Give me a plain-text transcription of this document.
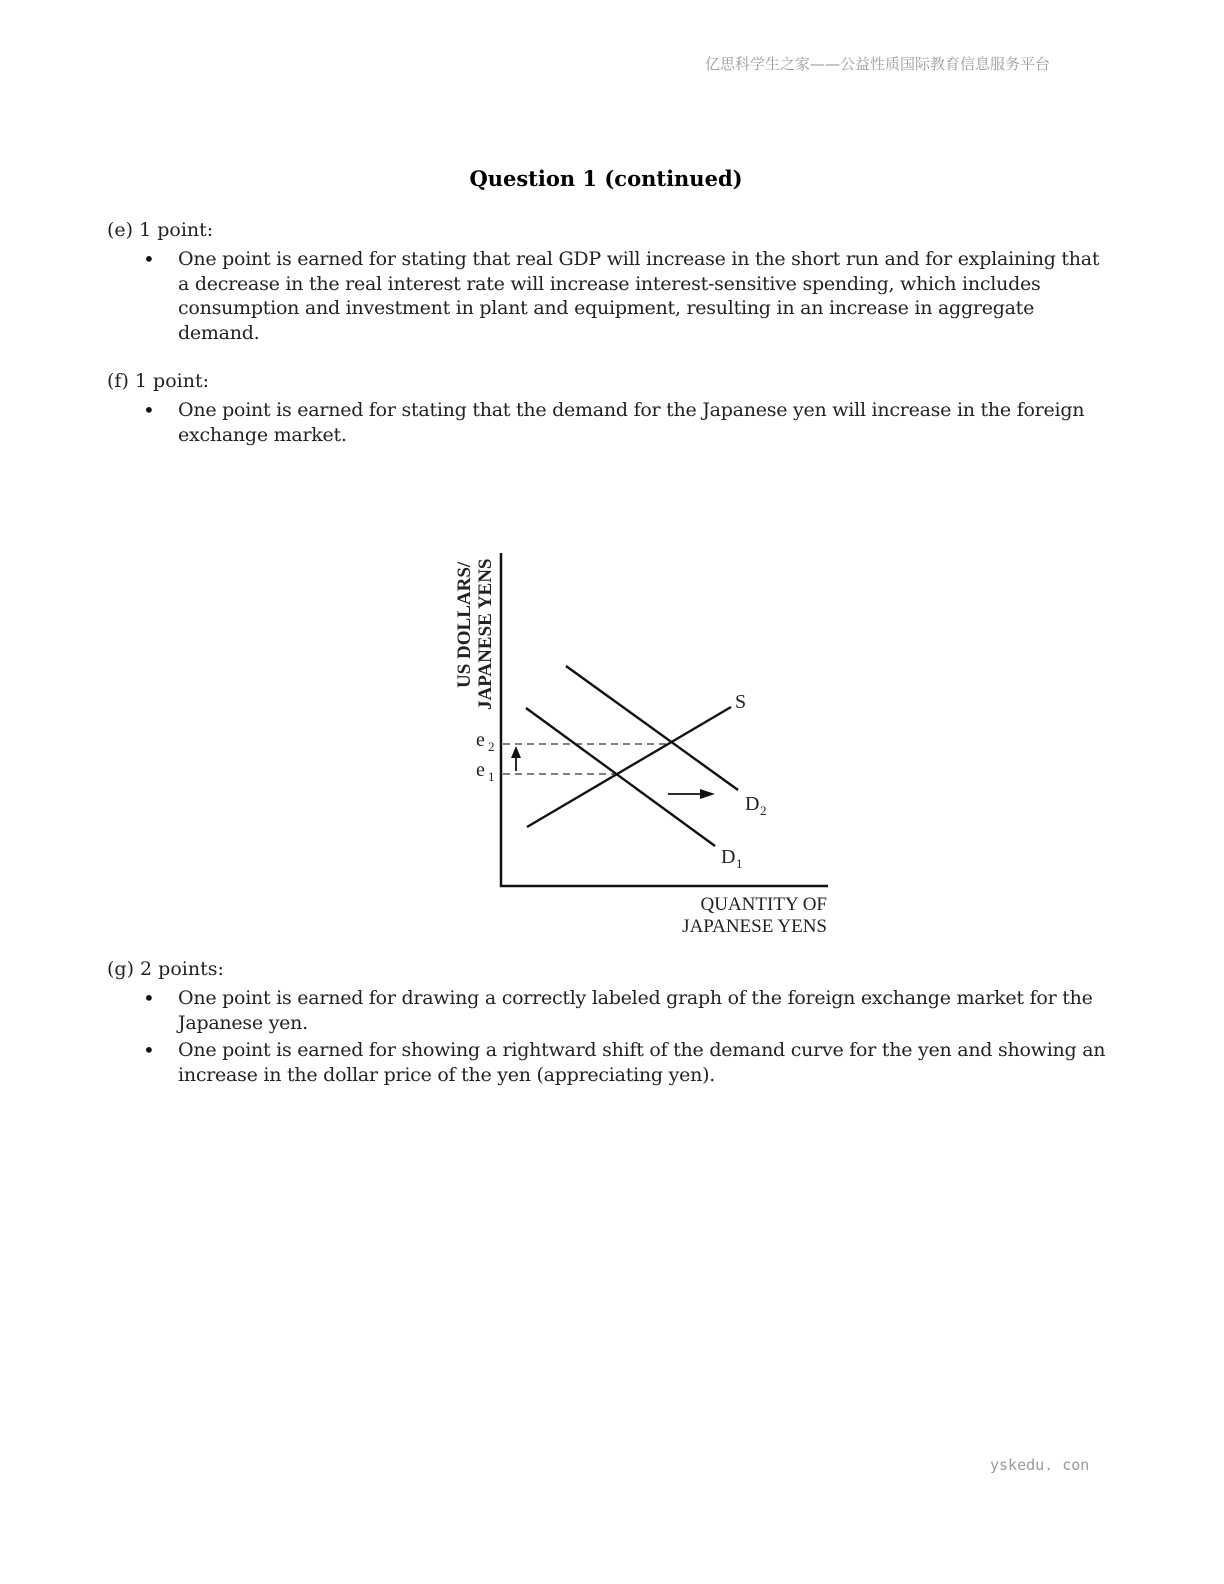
亿思科学生之家——公益性质国际教育信息服务平台
Question 1 (continued)
(e) 1 point:
• One point is earned for stating that real GDP will increase in the short run and for explaining that a decrease in the real interest rate will increase interest-sensitive spending, which includes consumption and investment in plant and equipment, resulting in an increase in aggregate demand.
(f) 1 point:
• One point is earned for stating that the demand for the Japanese yen will increase in the foreign exchange market.
US DOLLARS/ JAPANESE YENS	S
D 2
D 1
e 2
e 1
QUANTITY OF
JAPANESE YENS
(g) 2 points:
• One point is earned for drawing a correctly labeled graph of the foreign exchange market for the Japanese yen.
• One point is earned for showing a rightward shift of the demand curve for the yen and showing an increase in the dollar price of the yen (appreciating yen).
yskedu. con
